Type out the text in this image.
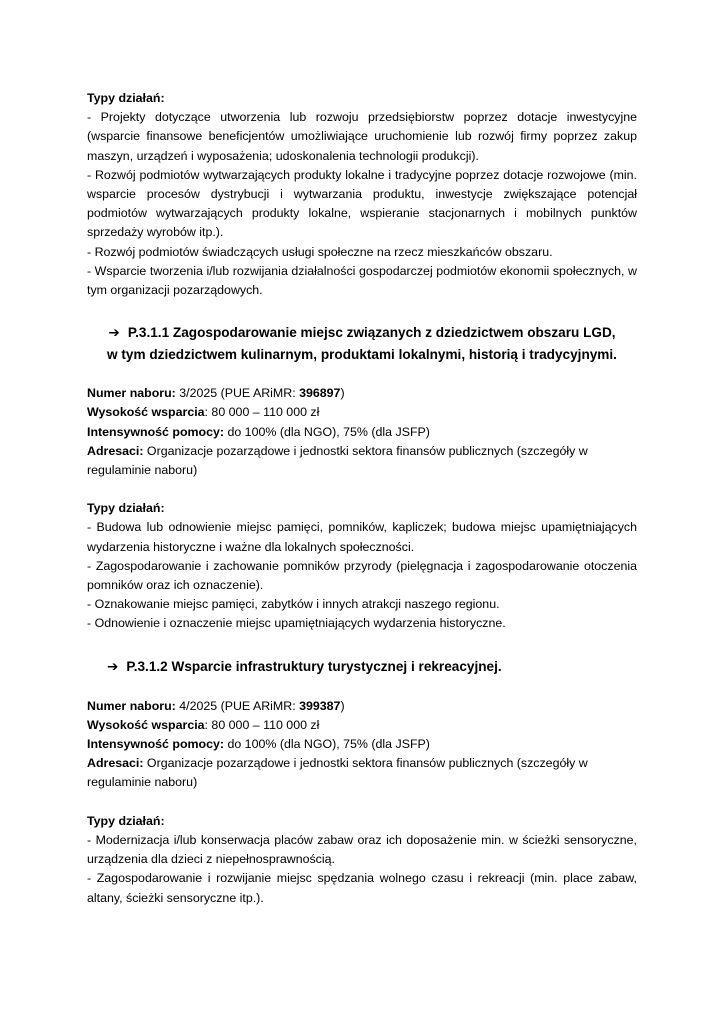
Typy działań:

- Projekty dotyczące utworzenia lub rozwoju przedsiębiorstw poprzez dotacje inwestycyjne (wsparcie finansowe beneficjentów umożliwiające uruchomienie lub rozwój firmy poprzez zakup maszyn, urządzeń i wyposażenia; udoskonalenia technologii produkcji).

- Rozwój podmiotów wytwarzających produkty lokalne i tradycyjne poprzez dotacje rozwojowe (min. wsparcie procesów dystrybucji i wytwarzania produktu, inwestycje zwiększające potencjał podmiotów wytwarzających produkty lokalne, wspieranie stacjonarnych i mobilnych punktów sprzedaży wyrobów itp.).

- Rozwój podmiotów świadczących usługi społeczne na rzecz mieszkańców obszaru.

- Wsparcie tworzenia i/lub rozwijania działalności gospodarczej podmiotów ekonomii społecznych, w tym organizacji pozarządowych.

➔ P.3.1.1 Zagospodarowanie miejsc związanych z dziedzictwem obszaru LGD,

w tym dziedzictwem kulinarnym, produktami lokalnymi, historią i tradycyjnymi.

Numer naboru: 3/2025 (PUE ARiMR: 396897)

Wysokość wsparcia: 80 000 – 110 000 zł

Intensywność pomocy: do 100% (dla NGO), 75% (dla JSFP)

Adresaci: Organizacje pozarządowe i jednostki sektora finansów publicznych (szczegóły w regulaminie naboru)

Typy działań:

- Budowa lub odnowienie miejsc pamięci, pomników, kapliczek; budowa miejsc upamiętniających wydarzenia historyczne i ważne dla lokalnych społeczności.

- Zagospodarowanie i zachowanie pomników przyrody (pielęgnacja i zagospodarowanie otoczenia pomników oraz ich oznaczenie).

- Oznakowanie miejsc pamięci, zabytków i innych atrakcji naszego regionu.

- Odnowienie i oznaczenie miejsc upamiętniających wydarzenia historyczne.

➔ P.3.1.2 Wsparcie infrastruktury turystycznej i rekreacyjnej.

Numer naboru: 4/2025 (PUE ARiMR: 399387)

Wysokość wsparcia: 80 000 – 110 000 zł

Intensywność pomocy: do 100% (dla NGO), 75% (dla JSFP)

Adresaci: Organizacje pozarządowe i jednostki sektora finansów publicznych (szczegóły w regulaminie naboru)

Typy działań:

- Modernizacja i/lub konserwacja placów zabaw oraz ich doposażenie min. w ścieżki sensoryczne, urządzenia dla dzieci z niepełnosprawnością.

- Zagospodarowanie i rozwijanie miejsc spędzania wolnego czasu i rekreacji (min. place zabaw, altany, ścieżki sensoryczne itp.).
